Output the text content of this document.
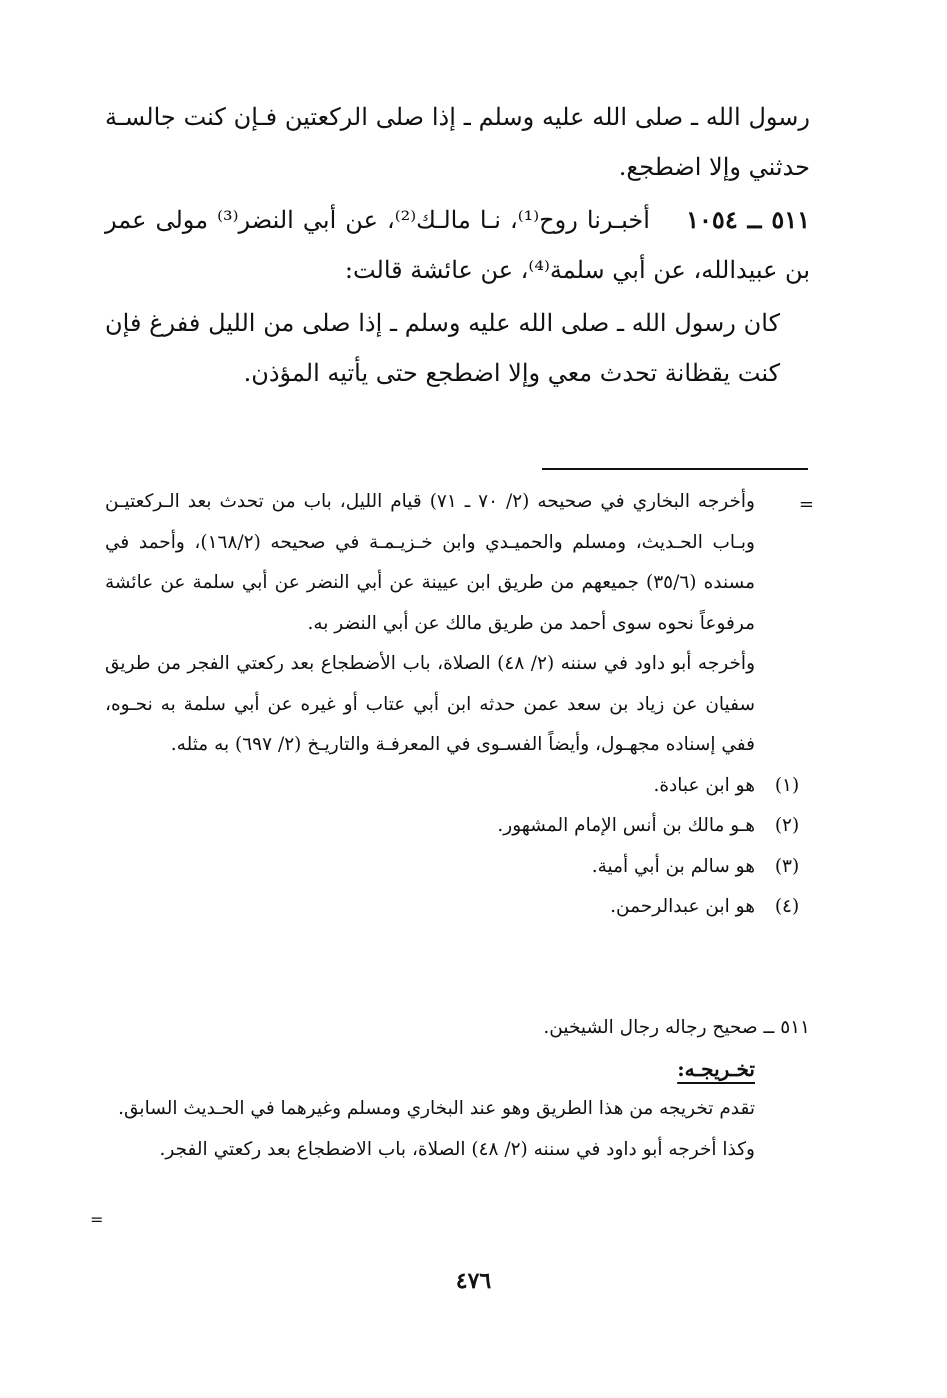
رسول الله ـ صلى الله عليه وسلم ـ إذا صلى الركعتين فـإن كنت جالسـة حدثني وإلا اضطجع.

٥١١ ــ ١٠٥٤    أخبـرنا روح⁽¹⁾، نـا مالـك⁽²⁾، عن أبي النضر⁽³⁾ مولى عمر بن عبيدالله، عن أبي سلمة⁽⁴⁾، عن عائشة قالت:

كان رسول الله ـ صلى الله عليه وسلم ـ إذا صلى من الليل ففرغ فإن كنت يقظانة تحدث معي وإلا اضطجع حتى يأتيه المؤذن.

=

وأخرجه البخاري في صحيحه (٢/ ٧٠ ـ ٧١) قيام الليل، باب من تحدث بعد الـركعتيـن وبـاب الحـديث، ومسلم والحميـدي وابن خـزيـمـة في صحيحه (١٦٨/٢)، وأحمد في مسنده (٣٥/٦) جميعهم من طريق ابن عيينة عن أبي النضر عن أبي سلمة عن عائشة مرفوعاً نحوه سوى أحمد من طريق مالك عن أبي النضر به.

وأخرجه أبو داود في سننه (٢/ ٤٨) الصلاة، باب الأضطجاع بعد ركعتي الفجر من طريق سفيان عن زياد بن سعد عمن حدثه ابن أبي عتاب أو غيره عن أبي سلمة به نحـوه، ففي إسناده مجهـول، وأيضاً الفسـوى في المعرفـة والتاريـخ (٢/ ٦٩٧) به مثله.

(١)
هو ابن عبادة.

(٢)
هـو مالك بن أنس الإمام المشهور.

(٣)
هو سالم بن أبي أمية.

(٤)
هو ابن عبدالرحمن.

٥١١ ــ صحيح رجاله رجال الشيخين.

تخـريجـه:

تقدم تخريجه من هذا الطريق وهو عند البخاري ومسلم وغيرهما في الحـديث السابق.

وكذا أخرجه أبو داود في سننه (٢/ ٤٨) الصلاة، باب الاضطجاع بعد ركعتي الفجر.

=
٤٧٦
